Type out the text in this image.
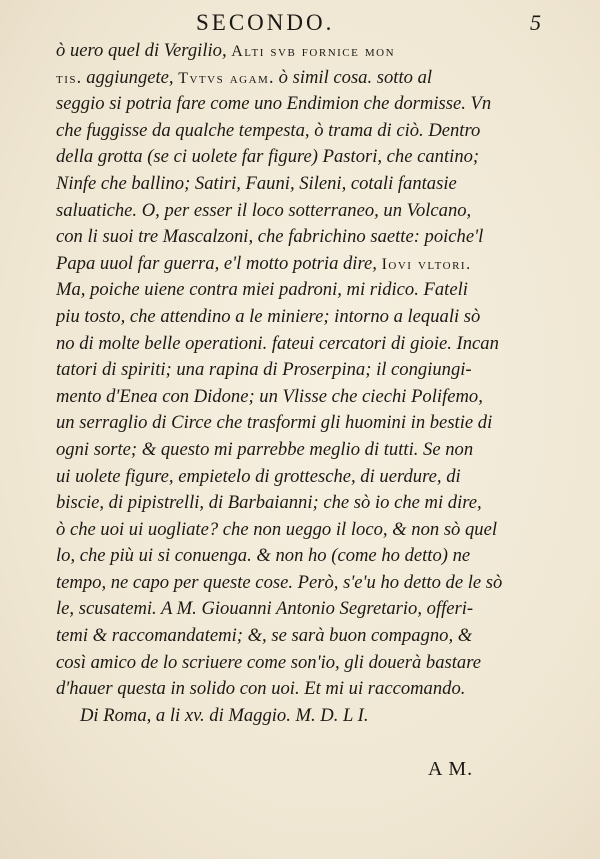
SECONDO.	5
ò uero quel di Vergilio, Alti svb fornice mon
tis. aggiungete, Tvtvs agam. ò simil cosa. sotto al
seggio si potria fare come uno Endimion che dormisse. Vn
che fuggisse da qualche tempesta, ò trama di ciò. Dentro
della grotta (se ci uolete far figure) Pastori, che cantino;
Ninfe che ballino; Satiri, Fauni, Sileni, cotali fantasie
saluatiche. O, per esser il loco sotterraneo, un Volcano,
con li suoi tre Mascalzoni, che fabrichino saette: poiche'l
Papa uuol far guerra, e'l motto potria dire, Iovi vltori.
Ma, poiche uiene contra miei padroni, mi ridico. Fateli
piu tosto, che attendino a le miniere; intorno a lequali sò
no di molte belle operationi. fateui cercatori di gioie. Incan
tatori di spiriti; una rapina di Proserpina; il congiungi-
mento d'Enea con Didone; un Vlisse che ciechi Polifemo,
un serraglio di Circe che trasformi gli huomini in bestie di
ogni sorte; & questo mi parrebbe meglio di tutti. Se non
ui uolete figure, empietelo di grottesche, di uerdure, di
biscie, di pipistrelli, di Barbaianni; che sò io che mi dire,
ò che uoi ui uogliate? che non ueggo il loco, & non sò quel
lo, che più ui si conuenga. & non ho (come ho detto) ne
tempo, ne capo per queste cose. Però, s'e'u ho detto de le sò
le, scusatemi. A M. Giouanni Antonio Segretario, offeri-
temi & raccomandatemi; &, se sarà buon compagno, &
così amico de lo scriuere come son'io, gli douerà bastare
d'hauer questa in solido con uoi. Et mi ui raccomando.
Di Roma, a li xv. di Maggio. M. D. L I.
A M.
